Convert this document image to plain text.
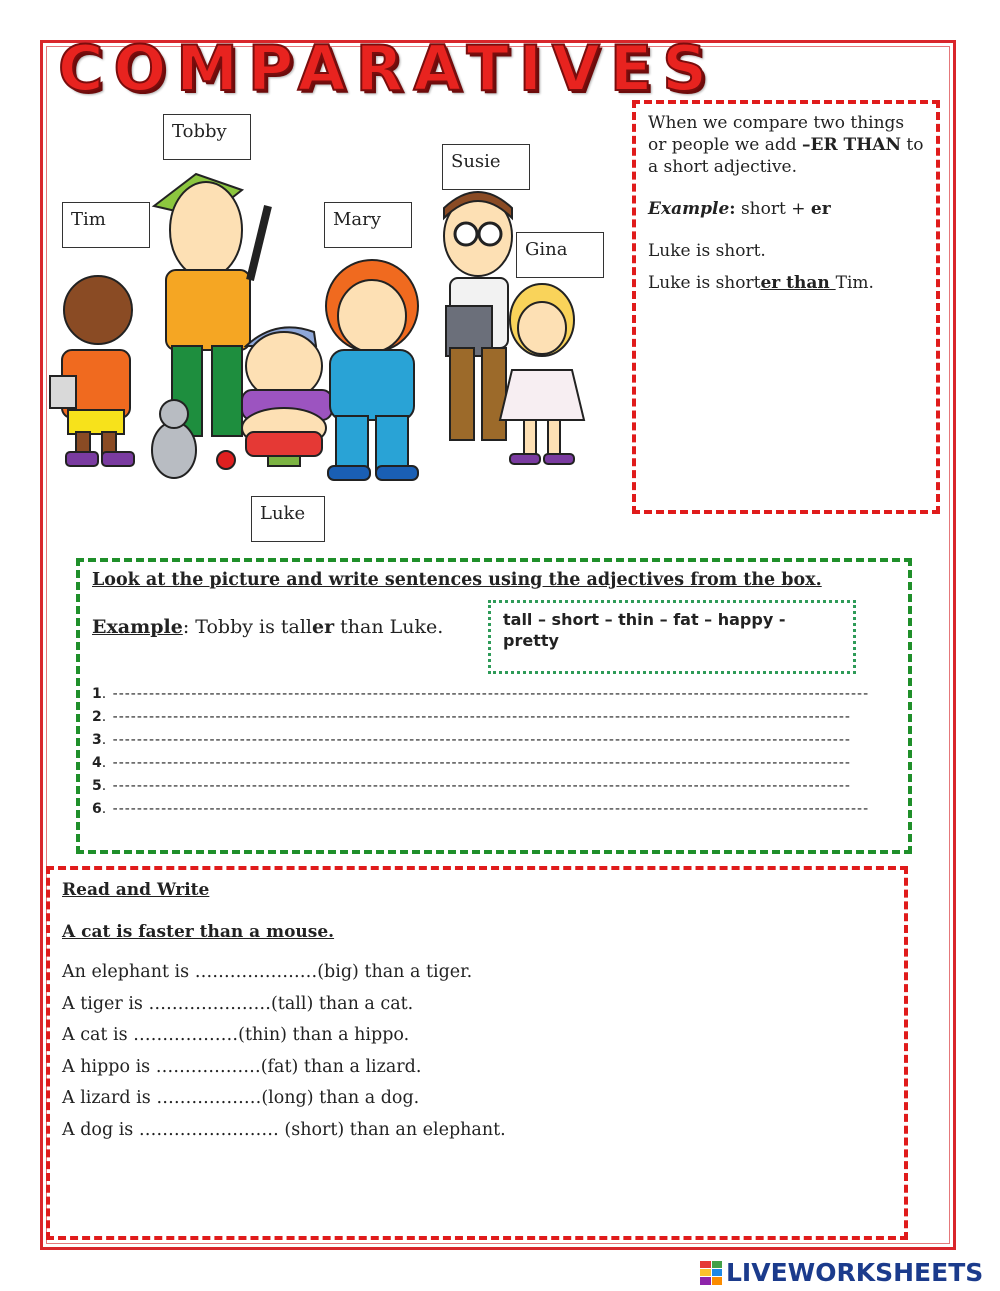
COMPARATIVES
Tobby
Susie
Tim	Mary
Gina
Luke

When we compare two things or people we add –ER THAN to a short adjective.

Example: short + er

Luke is short.

Luke is shorter than Tim.

Look at the picture and write sentences using the adjectives from the box.
Example: Tobby is taller than Luke.	tall – short – thin – fat – happy - pretty
1 . -----------------------------------------------------------------------------------------------------------------------------
2 . --------------------------------------------------------------------------------------------------------------------------
3 . --------------------------------------------------------------------------------------------------------------------------
4 . --------------------------------------------------------------------------------------------------------------------------
5 . --------------------------------------------------------------------------------------------------------------------------
6 . -----------------------------------------------------------------------------------------------------------------------------
Read and Write
A cat is faster than a mouse.
An elephant is …………………(big) than a tiger.
A tiger is …………………(tall) than a cat.
A cat is ………………(thin) than a hippo.
A hippo is ………………(fat) than a lizard.
A lizard is ………………(long) than a dog.
A dog is …………………… (short) than an elephant.
LIVEWORKSHEETS
